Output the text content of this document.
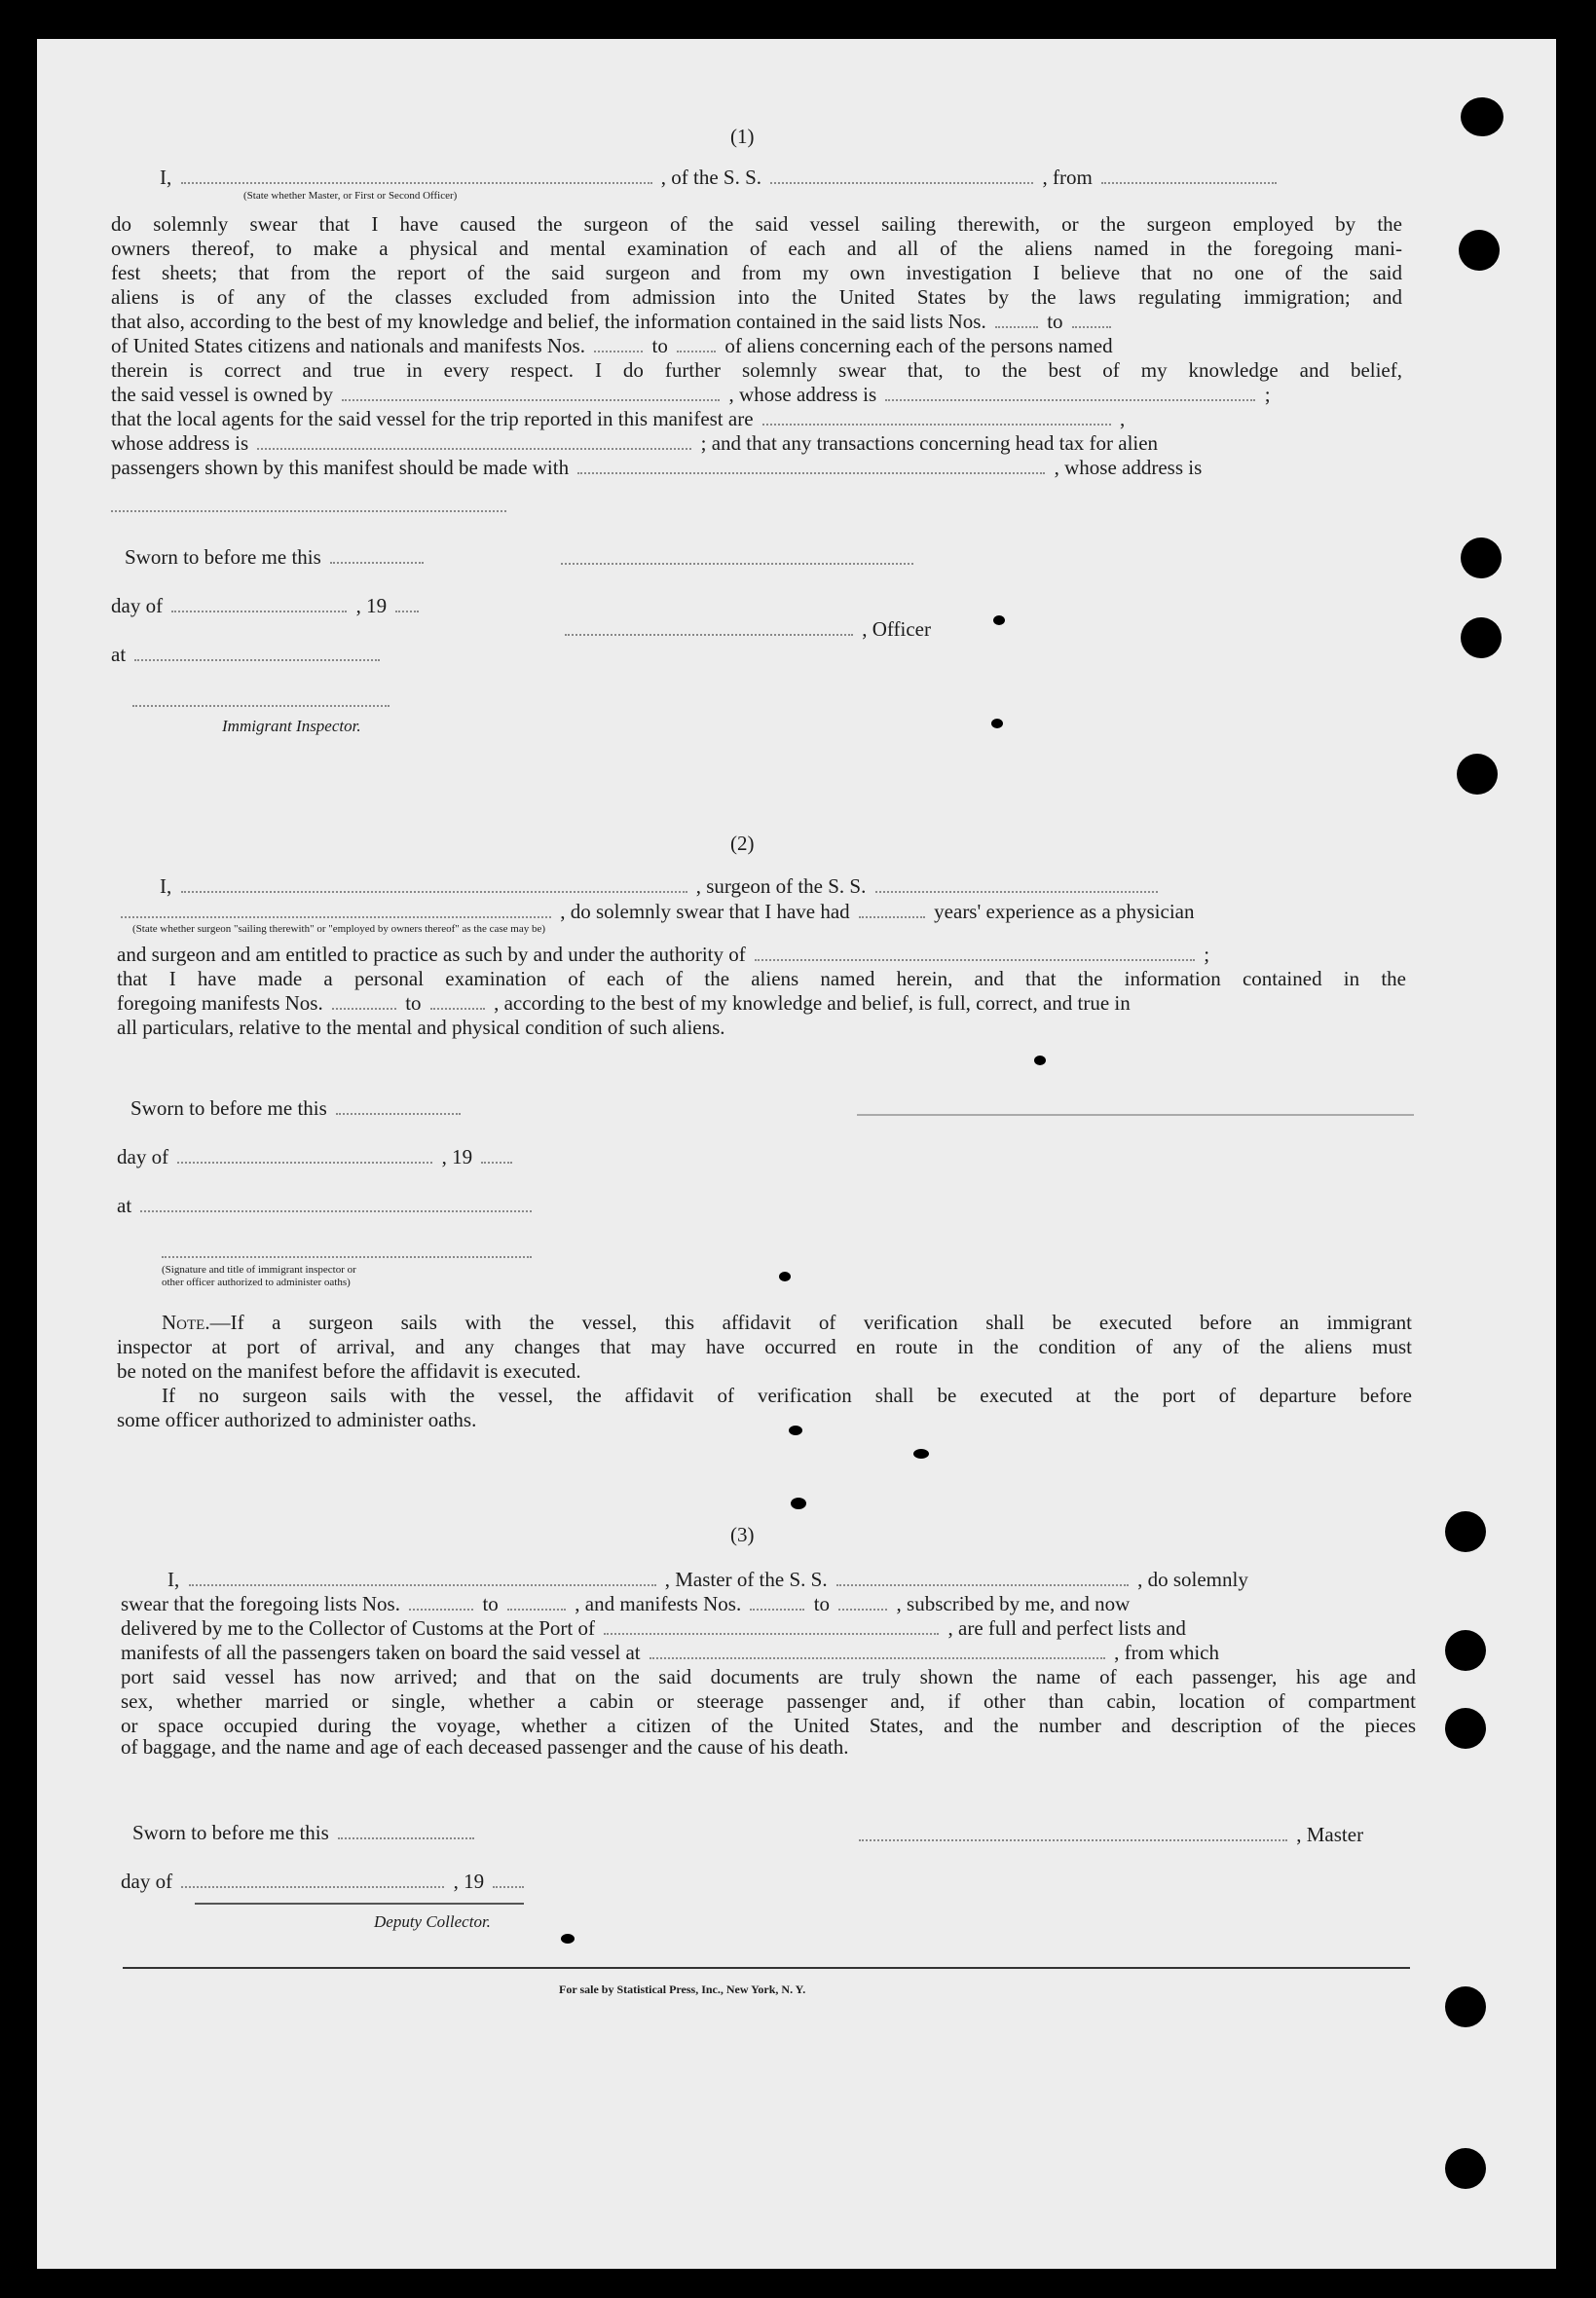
(1)
I,	, of the S. S.	, from
(State whether Master, or First or Second Officer)
do solemnly swear that I have caused the surgeon of the said vessel sailing therewith, or the surgeon employed by the
owners thereof, to make a physical and mental examination of each and all of the aliens named in the foregoing mani-
fest sheets; that from the report of the said surgeon and from my own investigation I believe that no one of the said
aliens is of any of the classes excluded from admission into the United States by the laws regulating immigration; and
that also, according to the best of my knowledge and belief, the information contained in the said lists Nos.	to
of United States citizens and nationals and manifests Nos.	to	of aliens concerning each of the persons named
therein is correct and true in every respect. I do further solemnly swear that, to the best of my knowledge and belief,
the said vessel is owned by	, whose address is	;
that the local agents for the said vessel for the trip reported in this manifest are	,
whose address is	; and that any transactions concerning head tax for alien
passengers shown by this manifest should be made with	, whose address is
Sworn to before me this
day of	, 19
, Officer
at
Immigrant Inspector.
(2)
I,	, surgeon of the S. S.
, do solemnly swear that I have had	years' experience as a physician
(State whether surgeon "sailing therewith" or "employed by owners thereof" as the case may be)
and surgeon and am entitled to practice as such by and under the authority of	;
that I have made a personal examination of each of the aliens named herein, and that the information contained in the
foregoing manifests Nos.	to	, according to the best of my knowledge and belief, is full, correct, and true in
all particulars, relative to the mental and physical condition of such aliens.
Sworn to before me this
day of	, 19
at
(Signature and title of immigrant inspector or
other officer authorized to administer oaths)
Note.—If a surgeon sails with the vessel, this affidavit of verification shall be executed before an immigrant
inspector at port of arrival, and any changes that may have occurred en route in the condition of any of the aliens must
be noted on the manifest before the affidavit is executed.
If no surgeon sails with the vessel, the affidavit of verification shall be executed at the port of departure before
some officer authorized to administer oaths.
(3)
I,	, Master of the S. S.	, do solemnly
swear that the foregoing lists Nos.	to	, and manifests Nos.	to	, subscribed by me, and now
delivered by me to the Collector of Customs at the Port of	, are full and perfect lists and
manifests of all the passengers taken on board the said vessel at	, from which
port said vessel has now arrived; and that on the said documents are truly shown the name of each passenger, his age and
sex, whether married or single, whether a cabin or steerage passenger and, if other than cabin, location of compartment
or space occupied during the voyage, whether a citizen of the United States, and the number and description of the pieces
of baggage, and the name and age of each deceased passenger and the cause of his death.
Sworn to before me this	, Master
day of	, 19
Deputy Collector.
For sale by Statistical Press, Inc., New York, N. Y.
